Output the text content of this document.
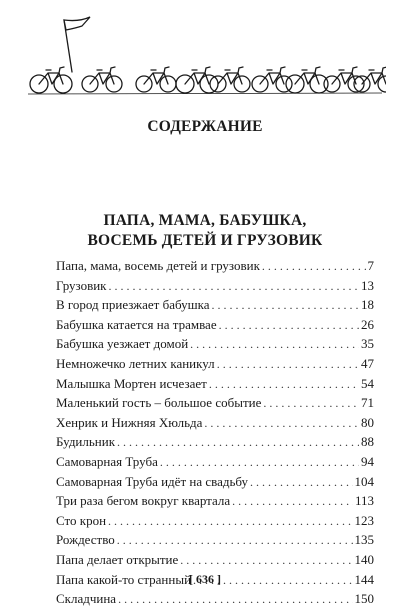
СОДЕРЖАНИЕ
ПАПА, МАМА, БАБУШКА,
ВОСЕМЬ ДЕТЕЙ И ГРУЗОВИК
Папа, мама, восемь детей и грузовик . . .	7
Грузовик . . .	13
В город приезжает бабушка . . .	18
Бабушка катается на трамвае . . .	26
Бабушка уезжает домой . . .	35
Немножечко летних каникул . . .	47
Малышка Мортен исчезает . . .	54
Маленький гость – большое событие . . .	71
Хенрик и Нижняя Хюльда . . .	80
Будильник . . .	88
Самоварная Труба . . .	94
Самоварная Труба идёт на свадьбу . . .	104
Три раза бегом вокруг квартала . . .	113
Сто крон . . .	123
Рождество . . .	135
Папа делает открытие . . .	140
Папа какой-то странный . . .	144
Складчина . . .	150
[ 636 ]
